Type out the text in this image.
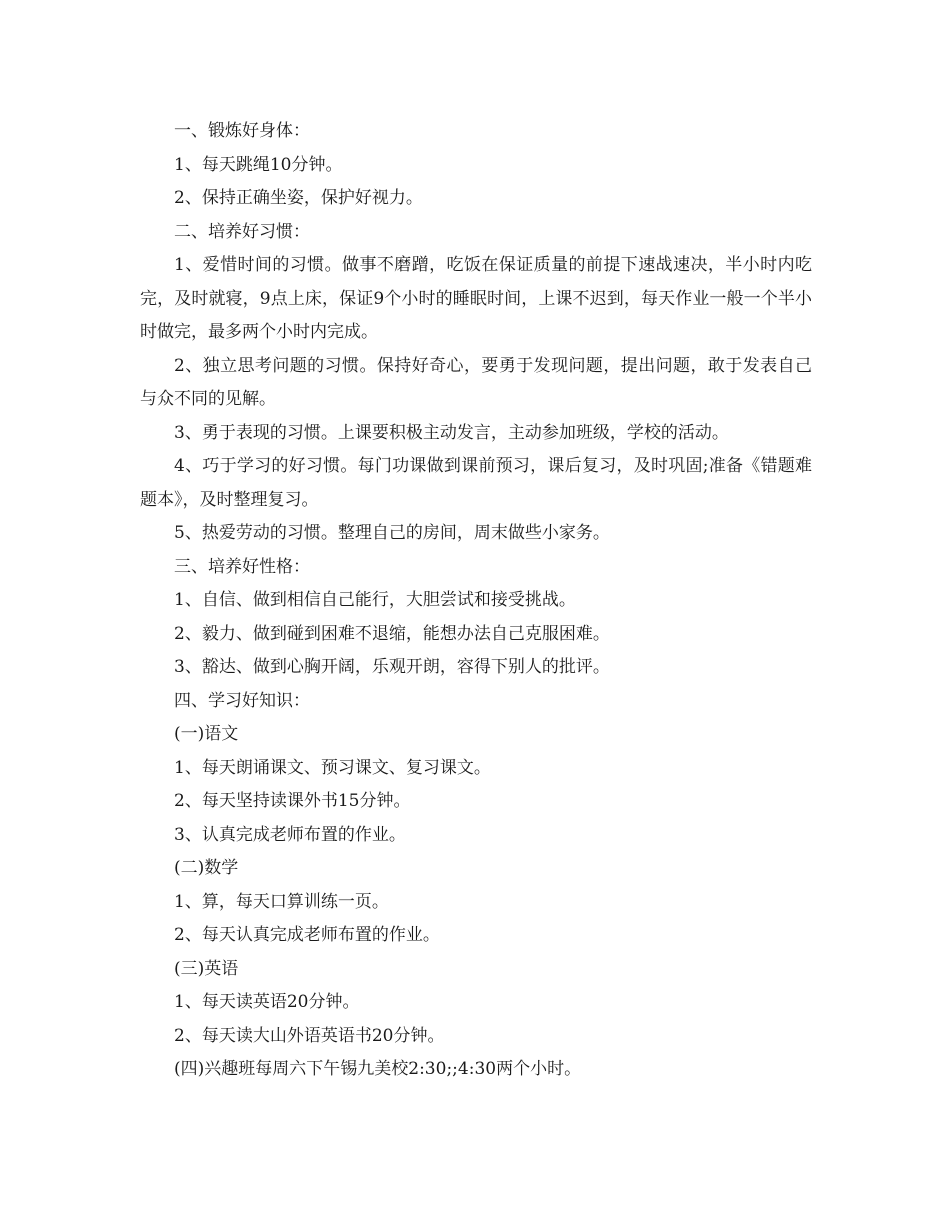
一、锻炼好身体：

1、每天跳绳10分钟。

2、保持正确坐姿，保护好视力。

二、培养好习惯：

1、爱惜时间的习惯。做事不磨蹭，吃饭在保证质量的前提下速战速决，半小时内吃完，及时就寝，9点上床，保证9个小时的睡眠时间，上课不迟到，每天作业一般一个半小时做完，最多两个小时内完成。

2、独立思考问题的习惯。保持好奇心，要勇于发现问题，提出问题，敢于发表自己与众不同的见解。

3、勇于表现的习惯。上课要积极主动发言，主动参加班级，学校的活动。

4、巧于学习的好习惯。每门功课做到课前预习，课后复习，及时巩固;准备《错题难题本》，及时整理复习。

5、热爱劳动的习惯。整理自己的房间，周末做些小家务。

三、培养好性格：

1、自信、做到相信自己能行，大胆尝试和接受挑战。

2、毅力、做到碰到困难不退缩，能想办法自己克服困难。

3、豁达、做到心胸开阔，乐观开朗，容得下别人的批评。

四、学习好知识：

(一)语文

1、每天朗诵课文、预习课文、复习课文。

2、每天坚持读课外书15分钟。

3、认真完成老师布置的作业。

(二)数学

1、算，每天口算训练一页。

2、每天认真完成老师布置的作业。

(三)英语

1、每天读英语20分钟。

2、每天读大山外语英语书20分钟。

(四)兴趣班每周六下午锡九美校2:30;;4:30两个小时。
